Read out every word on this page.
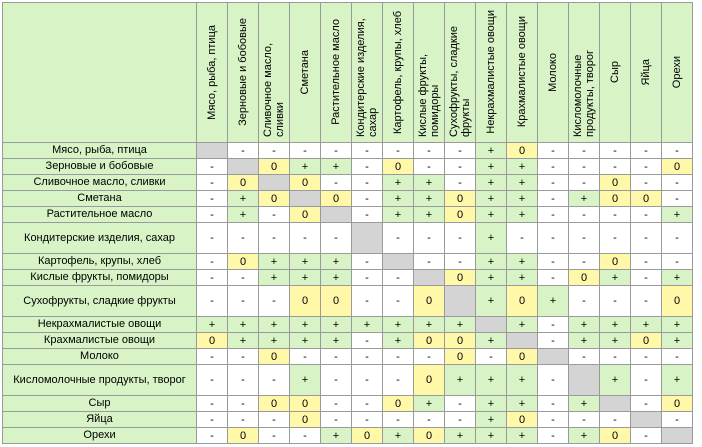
	Мясо, рыба, птица	Зерновые и бобовые	Сливочное масло, сливки	Сметана	Растительное масло	Кондитерские изделия, сахар	Картофель, крупы, хлеб	Кислые фрукты, помидоры	Сухофрукты, сладкие фрукты	Некрахмалистые овощи	Крахмалистые овощи	Молоко	Кисломолочные продукты, творог	Сыр	Яйца	Орехи
Мясо, рыба, птица		-	-	-	-	-	-	-	-	+	0	-	-	-	-	-
Зерновые и бобовые	-		0	+	+	-	0	-	-	+	+	-	-	-	-	0
Сливочное масло, сливки	-	0		0	-	-	+	+	-	+	+	-	-	0	-	-
Сметана	-	+	0		0	-	+	+	0	+	+	-	+	0	0	-
Растительное масло	-	+	-	0		-	+	+	0	+	+	-	-	-	-	+
Кондитерские изделия, сахар	-	-	-	-	-		-	-	-	+	-	-	-	-	-	-
Картофель, крупы, хлеб	-	0	+	+	+	-		-	-	+	+	-	-	0	-	-
Кислые фрукты, помидоры	-	-	+	+	+	-	-		0	+	+	-	0	+	-	+
Сухофрукты, сладкие фрукты	-	-	-	0	0	-	-	0		+	0	+	-	-	-	0
Некрахмалистые овощи	+	+	+	+	+	+	+	+	+		+	-	+	+	+	+
Крахмалистые овощи	0	+	+	+	+	-	+	0	0	+		-	+	+	0	+
Молоко	-	-	0	-	-	-	-	-	0	-	0		-	-	-	-
Кисломолочные продукты, творог	-	-	-	+	-	-	-	0	+	+	+	-		+	-	+
Сыр	-	-	0	0	-	-	0	+	-	+	+	-	+		-	0
Яйца	-	-	-	0	-	-	-	-	-	+	0	-	-	-		-
Орехи	-	0	-	-	+	0	+	0	+	+	+	-	+	0	-	
